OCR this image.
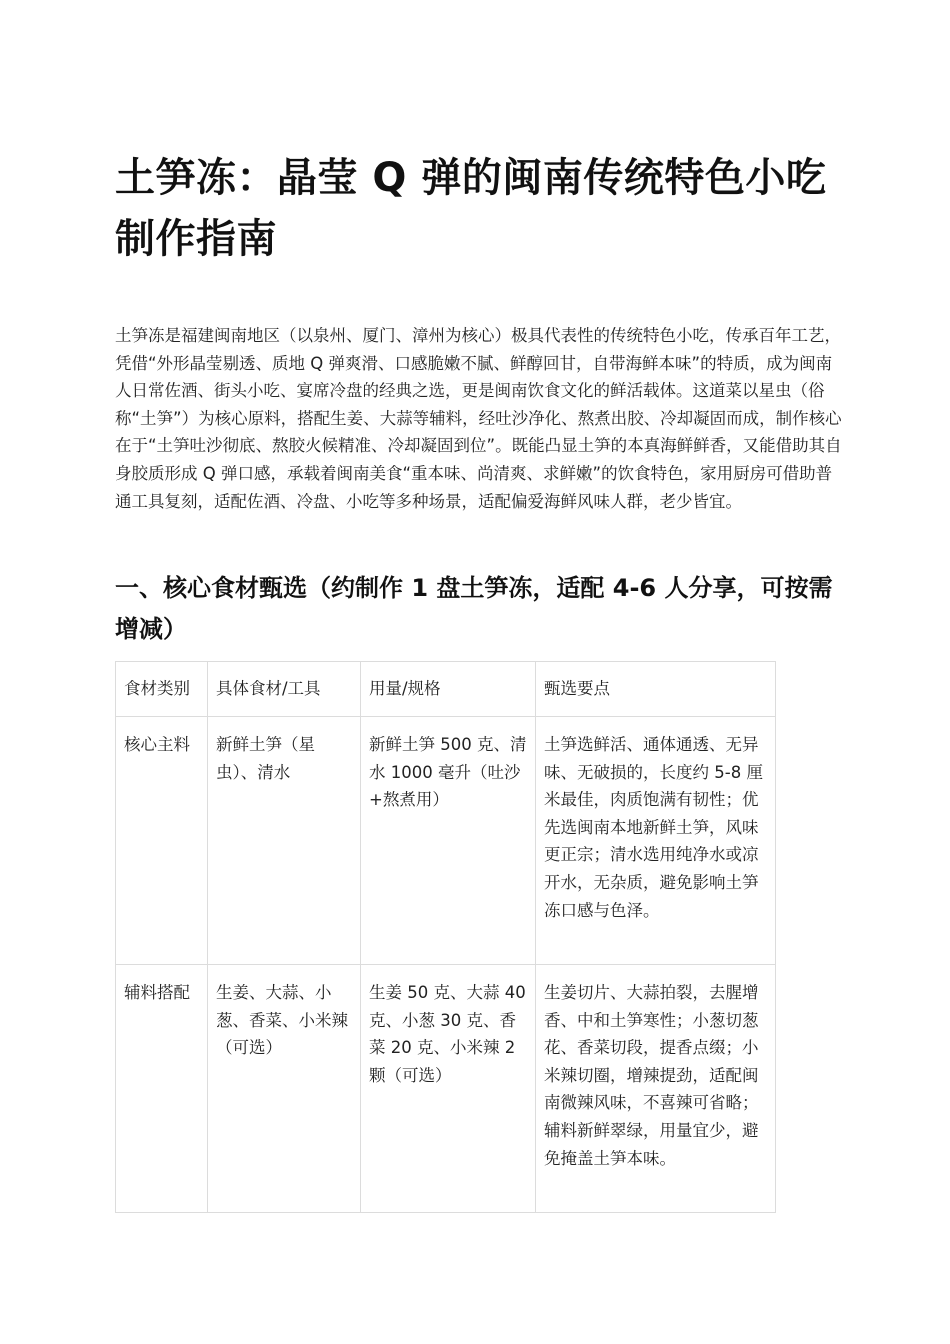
土笋冻：晶莹 Q 弹的闽南传统特色小吃制作指南

土笋冻是福建闽南地区（以泉州、厦门、漳州为核心）极具代表性的传统特色小吃，传承百年工艺，凭借“外形晶莹剔透、质地 Q 弹爽滑、口感脆嫩不腻、鲜醇回甘，自带海鲜本味”的特质，成为闽南人日常佐酒、街头小吃、宴席冷盘的经典之选，更是闽南饮食文化的鲜活载体。这道菜以星虫（俗称“土笋”）为核心原料，搭配生姜、大蒜等辅料，经吐沙净化、熬煮出胶、冷却凝固而成，制作核心在于“土笋吐沙彻底、熬胶火候精准、冷却凝固到位”。既能凸显土笋的本真海鲜鲜香，又能借助其自身胶质形成 Q 弹口感，承载着闽南美食“重本味、尚清爽、求鲜嫩”的饮食特色，家用厨房可借助普通工具复刻，适配佐酒、冷盘、小吃等多种场景，适配偏爱海鲜风味人群，老少皆宜。

一、核心食材甄选（约制作 1 盘土笋冻，适配 4-6 人分享，可按需增减）
食材类别	具体食材/工具	用量/规格	甄选要点
核心主料	新鲜土笋（星虫）、清水	新鲜土笋 500 克、清水 1000 毫升（吐沙+熬煮用）	土笋选鲜活、通体通透、无异味、无破损的，长度约 5-8 厘米最佳，肉质饱满有韧性；优先选闽南本地新鲜土笋，风味更正宗；清水选用纯净水或凉开水，无杂质，避免影响土笋冻口感与色泽。
辅料搭配	生姜、大蒜、小葱、香菜、小米辣（可选）	生姜 50 克、大蒜 40 克、小葱 30 克、香菜 20 克、小米辣 2 颗（可选）	生姜切片、大蒜拍裂，去腥增香、中和土笋寒性；小葱切葱花、香菜切段，提香点缀；小米辣切圈，增辣提劲，适配闽南微辣风味，不喜辣可省略；辅料新鲜翠绿，用量宜少，避免掩盖土笋本味。
